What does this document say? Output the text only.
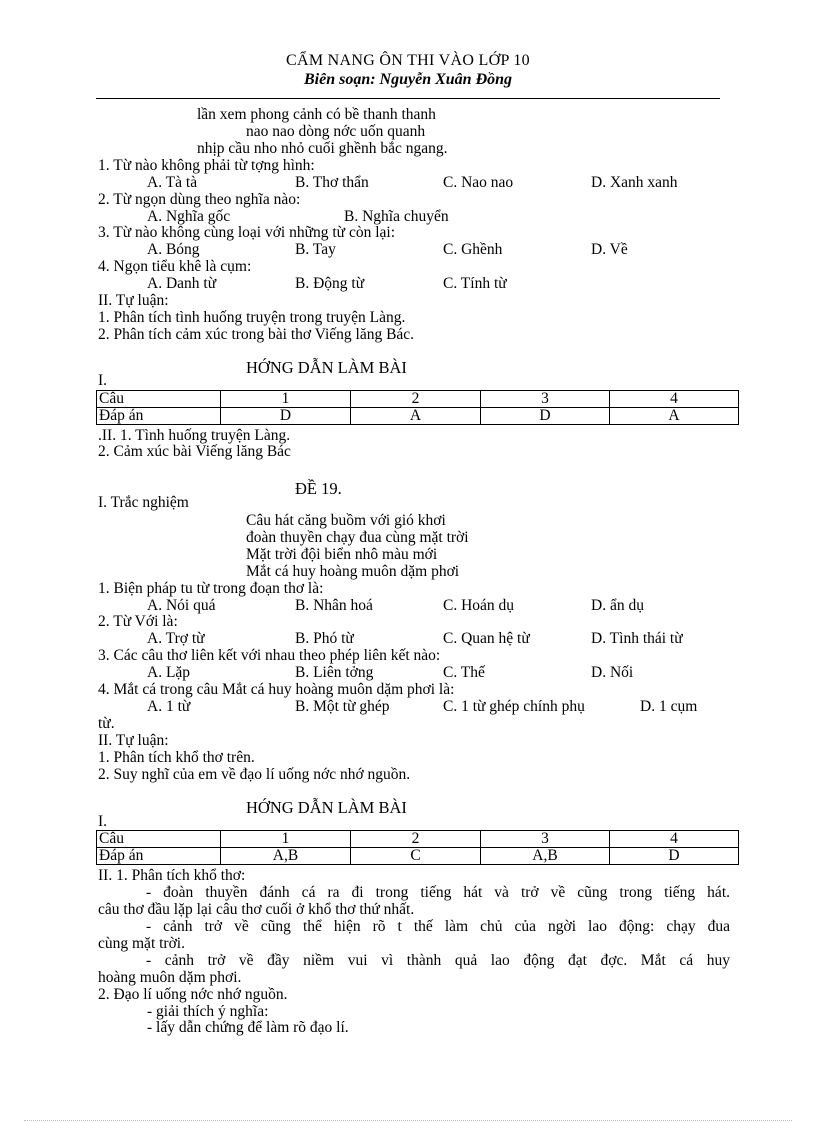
CẨM NANG ÔN THI VÀO LỚP 10
Biên soạn: Nguyễn Xuân Đồng
lần xem phong cảnh có bề thanh thanh
nao nao dòng nớc uốn quanh
nhịp cầu nho nhỏ cuối ghềnh bắc ngang.
1. Từ nào không phải từ tợng hình:
A. Tà tà	B. Thơ thẩn	C. Nao nao	D. Xanh xanh
2. Từ ngọn dùng theo nghĩa nào:
A. Nghĩa gốc	B. Nghĩa chuyển
3. Từ nào không cùng loại với những từ còn lại:
A. Bóng	B. Tay	C. Ghềnh	D. Về
4. Ngọn tiểu khê là cụm:
A. Danh từ	B. Động từ	C. Tính từ
II. Tự luận:
1. Phân tích tình huống truyện trong truyện Làng.
2. Phân tích cảm xúc trong bài thơ Viếng lăng Bác.
HỚNG DẪN LÀM BÀI
I.
Câu	1	2	3	4
Đáp án	D	A	D	A
.II. 1. Tình huống truyện Làng.
2. Cảm xúc bài Viếng lăng Bác
ĐỀ 19.
I. Trắc nghiệm
Câu hát căng buồm với gió khơi
đoàn thuyền chạy đua cùng mặt trời
Mặt trời đội biển nhô màu mới
Mắt cá huy hoàng muôn dặm phơi
1. Biện pháp tu từ trong đoạn thơ là:
A. Nói quá	B. Nhân hoá	C. Hoán dụ	D. ẩn dụ
2. Từ Với là:
A. Trợ từ	B. Phó từ	C. Quan hệ từ	D. Tình thái từ
3. Các câu thơ liên kết với nhau theo phép liên kết nào:
A. Lặp	B. Liên tởng	C. Thế	D. Nối
4. Mắt cá trong câu Mắt cá huy hoàng muôn dặm phơi là:
A. 1 từ	B. Một từ ghép	C. 1 từ ghép chính phụ	D. 1 cụm
từ.
II. Tự luận:
1. Phân tích khổ thơ trên.
2. Suy nghĩ của em về đạo lí uống nớc nhớ nguồn.
HỚNG DẪN LÀM BÀI
I.
Câu	1	2	3	4
Đáp án	A,B	C	A,B	D
II. 1. Phân tích khổ thơ:
- đoàn thuyền đánh cá ra đi trong tiếng hát và trở về cũng trong tiếng hát.
câu thơ đầu lặp lại câu thơ cuối ở khổ thơ thứ nhất.
- cảnh trở về cũng thể hiện rõ t thế làm chủ của ngời lao động: chạy đua
cùng mặt trời.
- cảnh trở về đầy niềm vui vì thành quả lao động đạt đợc. Mắt cá huy
hoàng muôn dặm phơi.
2. Đạo lí uống nớc nhớ nguồn.
- giải thích ý nghĩa:
- lấy dẫn chứng để làm rõ đạo lí.
